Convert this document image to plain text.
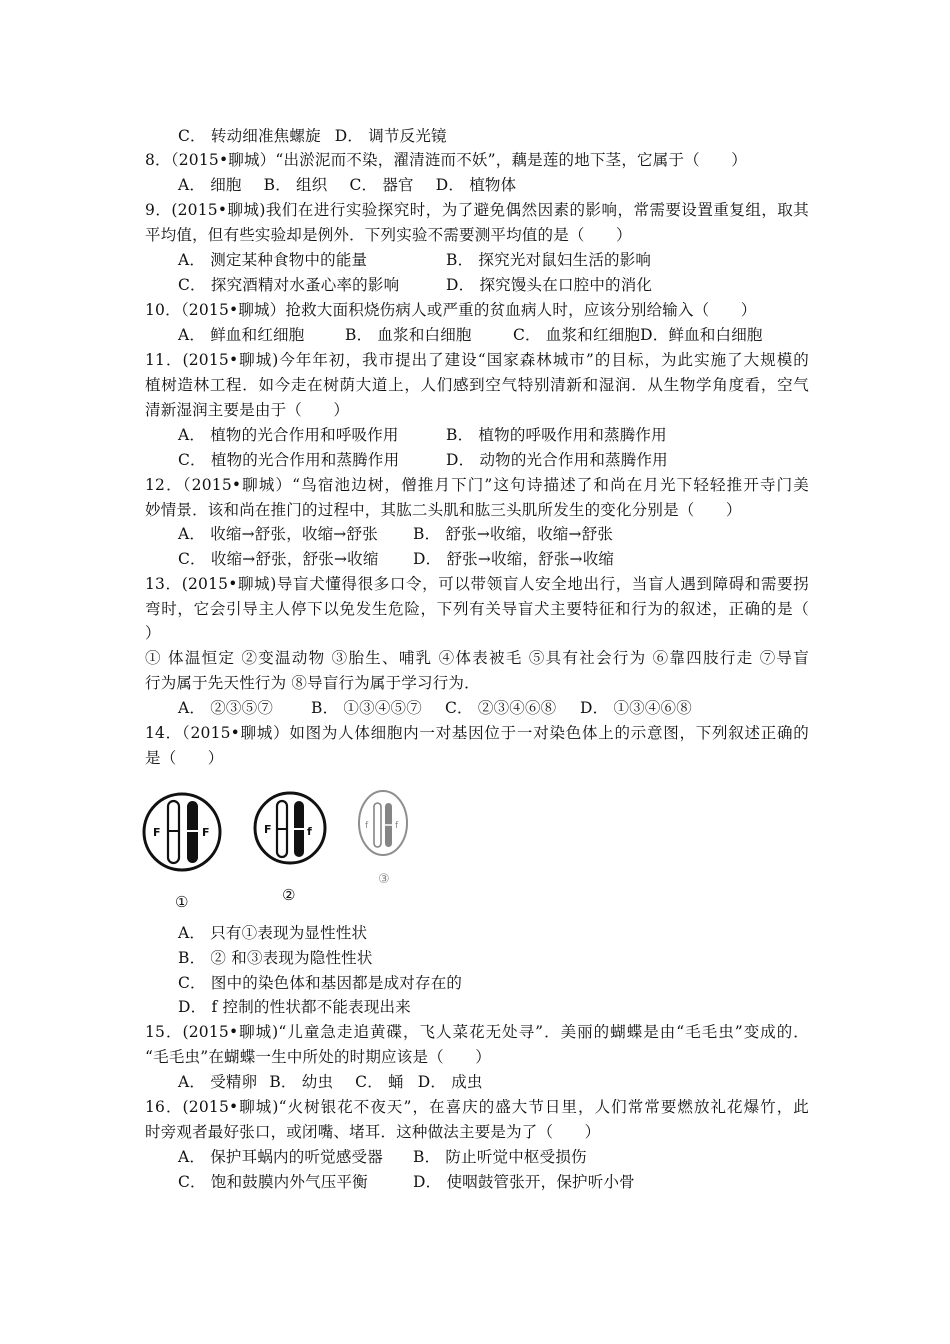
C． 转动细准焦螺旋 D． 调节反光镜
8．（2015•聊城）“出淤泥而不染，濯清涟而不妖”，藕是莲的地下茎，它属于（　　）
A． 细胞 B． 组织 C． 器官 D． 植物体
9．(2015•聊城)我们在进行实验探究时，为了避免偶然因素的影响，常需要设置重复组，取其
平均值，但有些实验却是例外．下列实验不需要测平均值的是（　　）
A． 测定某种食物中的能量	B． 探究光对鼠妇生活的影响
C． 探究酒精对水蚤心率的影响	D． 探究馒头在口腔中的消化
10．（2015•聊城）抢救大面积烧伤病人或严重的贫血病人时，应该分别给输入（　　）
A． 鲜血和红细胞	B． 血浆和白细胞	C． 血浆和红细胞D．鲜血和白细胞
11．(2015•聊城)今年年初，我市提出了建设“国家森林城市”的目标，为此实施了大规模的
植树造林工程．如今走在树荫大道上，人们感到空气特别清新和湿润．从生物学角度看，空气
清新湿润主要是由于（　　）
A． 植物的光合作用和呼吸作用	B． 植物的呼吸作用和蒸腾作用
C． 植物的光合作用和蒸腾作用	D． 动物的光合作用和蒸腾作用
12．（2015•聊城）“鸟宿池边树，僧推月下门”这句诗描述了和尚在月光下轻轻推开寺门美
妙情景．该和尚在推门的过程中，其肱二头肌和肱三头肌所发生的变化分别是（　　）
A． 收缩→舒张，收缩→舒张 B． 舒张→收缩，收缩→舒张
C． 收缩→舒张，舒张→收缩 D． 舒张→收缩，舒张→收缩
13．(2015•聊城)导盲犬懂得很多口令，可以带领盲人安全地出行，当盲人遇到障碍和需要拐
弯时，它会引导主人停下以免发生危险，下列有关导盲犬主要特征和行为的叙述，正确的是（
）
① 体温恒定 ②变温动物 ③胎生、哺乳 ④体表被毛 ⑤具有社会行为 ⑥靠四肢行走 ⑦导盲
行为属于先天性行为 ⑧导盲行为属于学习行为．
A． ②③⑤⑦ B． ①③④⑤⑦ C． ②③④⑥⑧ D． ①③④⑥⑧
14．（2015•聊城）如图为人体细胞内一对基因位于一对染色体上的示意图，下列叙述正确的
是（　　）
F	F
①
F	f
②
f	f
③
A． 只有①表现为显性性状
B． ② 和③表现为隐性性状
C． 图中的染色体和基因都是成对存在的
D． f 控制的性状都不能表现出来
15．(2015•聊城)“儿童急走追黄碟，飞人菜花无处寻”．美丽的蝴蝶是由“毛毛虫”变成的．
“毛毛虫”在蝴蝶一生中所处的时期应该是（　　）
A． 受精卵 B． 幼虫 C． 蛹 D． 成虫
16．(2015•聊城)“火树银花不夜天”，在喜庆的盛大节日里，人们常常要燃放礼花爆竹，此
时旁观者最好张口，或闭嘴、堵耳．这种做法主要是为了（　　）
A． 保护耳蜗内的听觉感受器 B． 防止听觉中枢受损伤
C． 饱和鼓膜内外气压平衡	D． 使咽鼓管张开，保护听小骨
